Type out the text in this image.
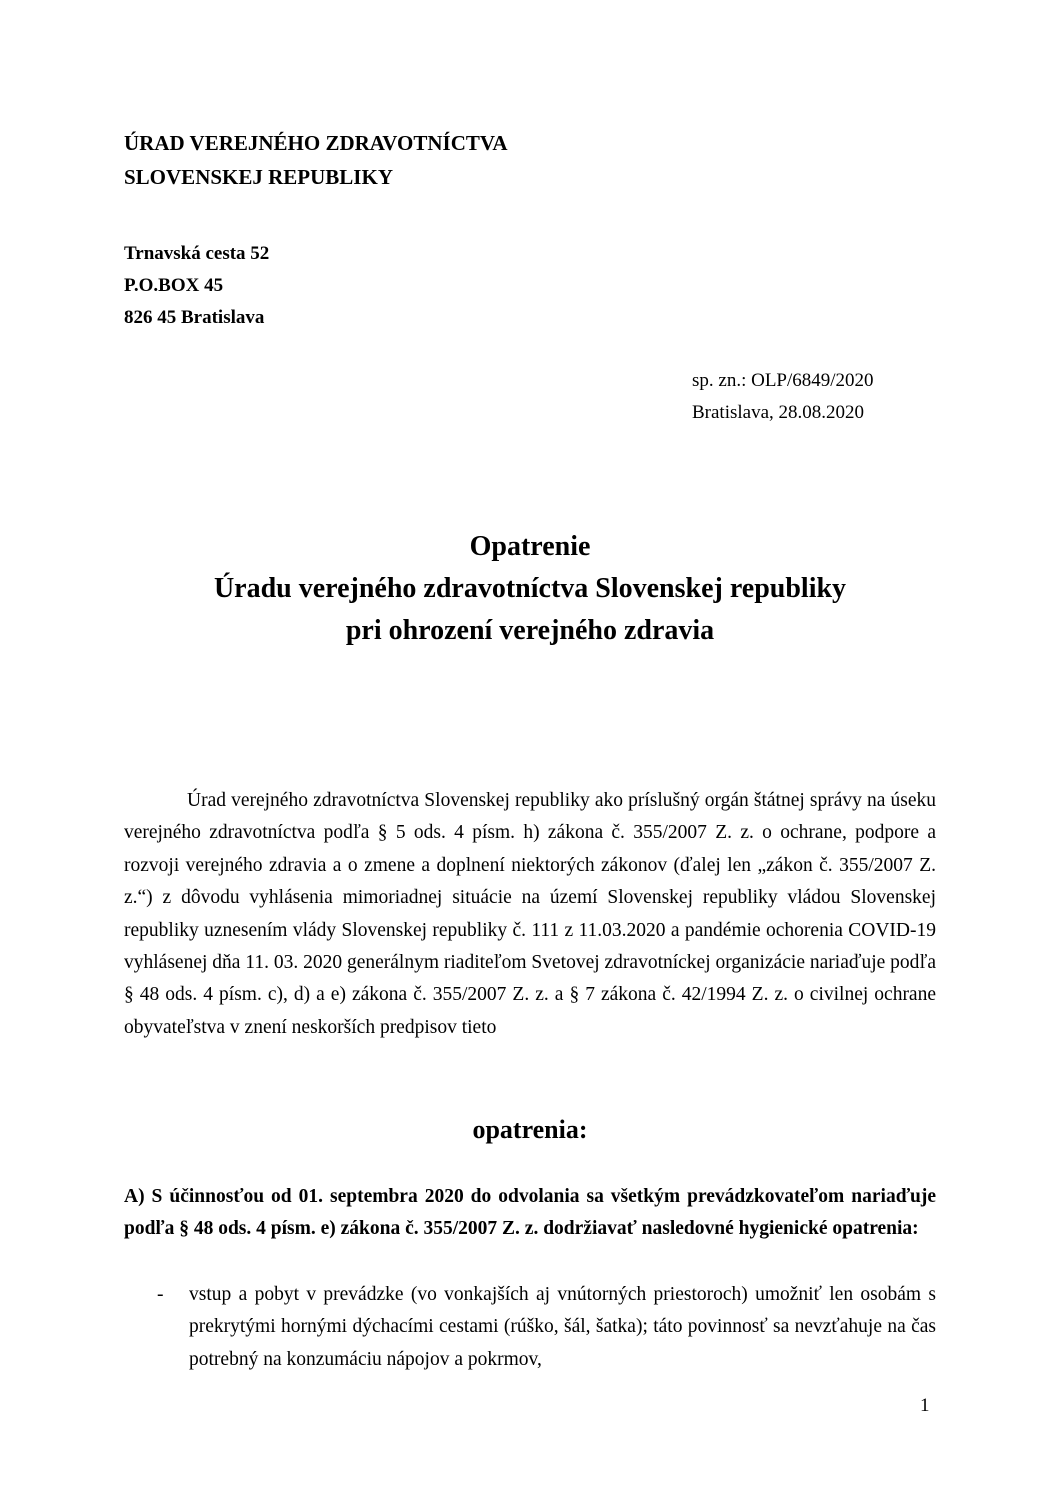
ÚRAD VEREJNÉHO ZDRAVOTNÍCTVA
SLOVENSKEJ REPUBLIKY
Trnavská cesta 52
P.O.BOX 45
826 45 Bratislava
sp. zn.: OLP/6849/2020
Bratislava, 28.08.2020
Opatrenie
Úradu verejného zdravotníctva Slovenskej republiky
pri ohrození verejného zdravia

Úrad verejného zdravotníctva Slovenskej republiky ako príslušný orgán štátnej správy na úseku verejného zdravotníctva podľa § 5 ods. 4 písm. h) zákona č. 355/2007 Z. z. o ochrane, podpore a rozvoji verejného zdravia a o zmene a doplnení niektorých zákonov (ďalej len „zákon č. 355/2007 Z. z.“) z dôvodu vyhlásenia mimoriadnej situácie na území Slovenskej republiky vládou Slovenskej republiky uznesením vlády Slovenskej republiky č. 111 z 11.03.2020 a pandémie ochorenia COVID-19 vyhlásenej dňa 11. 03. 2020 generálnym riaditeľom Svetovej zdravotníckej organizácie nariaďuje podľa § 48 ods. 4 písm. c), d) a e) zákona č. 355/2007 Z. z. a § 7 zákona č. 42/1994 Z. z. o civilnej ochrane obyvateľstva v znení neskorších predpisov tieto

opatrenia:

A) S účinnosťou od 01. septembra 2020 do odvolania sa všetkým prevádzkovateľom nariaďuje podľa § 48 ods. 4 písm. e) zákona č. 355/2007 Z. z. dodržiavať nasledovné hygienické opatrenia:

- vstup a pobyt v prevádzke (vo vonkajších aj vnútorných priestoroch) umožniť len osobám s prekrytými hornými dýchacími cestami (rúško, šál, šatka); táto povinnosť sa nevzťahuje na čas potrebný na konzumáciu nápojov a pokrmov,
1
